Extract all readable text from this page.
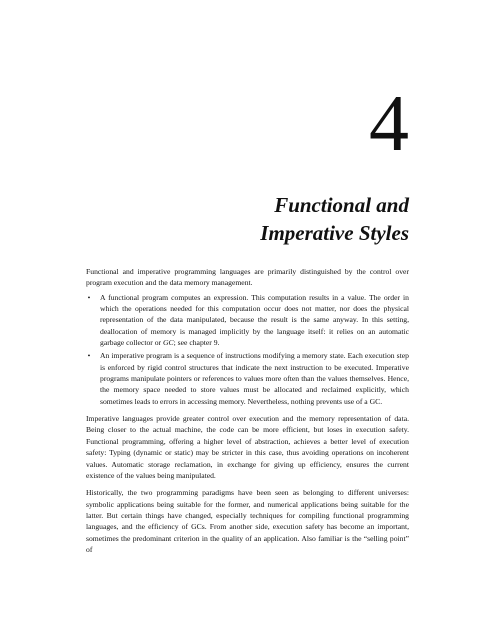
4
Functional and
Imperative Styles

Functional and imperative programming languages are primarily distinguished by the control over program execution and the data memory management.

• A functional program computes an expression. This computation results in a value. The order in which the operations needed for this computation occur does not matter, nor does the physical representation of the data manipulated, because the result is the same anyway. In this setting, deallocation of memory is managed implicitly by the language itself: it relies on an automatic garbage collector or GC; see chapter 9.
• An imperative program is a sequence of instructions modifying a memory state. Each execution step is enforced by rigid control structures that indicate the next instruction to be executed. Imperative programs manipulate pointers or references to values more often than the values themselves. Hence, the memory space needed to store values must be allocated and reclaimed explicitly, which sometimes leads to errors in accessing memory. Nevertheless, nothing prevents use of a GC.

Imperative languages provide greater control over execution and the memory representation of data. Being closer to the actual machine, the code can be more efficient, but loses in execution safety. Functional programming, offering a higher level of abstraction, achieves a better level of execution safety: Typing (dynamic or static) may be stricter in this case, thus avoiding operations on incoherent values. Automatic storage reclamation, in exchange for giving up efficiency, ensures the current existence of the values being manipulated.

Historically, the two programming paradigms have been seen as belonging to different universes: symbolic applications being suitable for the former, and numerical applications being suitable for the latter. But certain things have changed, especially techniques for compiling functional programming languages, and the efficiency of GCs. From another side, execution safety has become an important, sometimes the predominant criterion in the quality of an application. Also familiar is the “selling point” of
